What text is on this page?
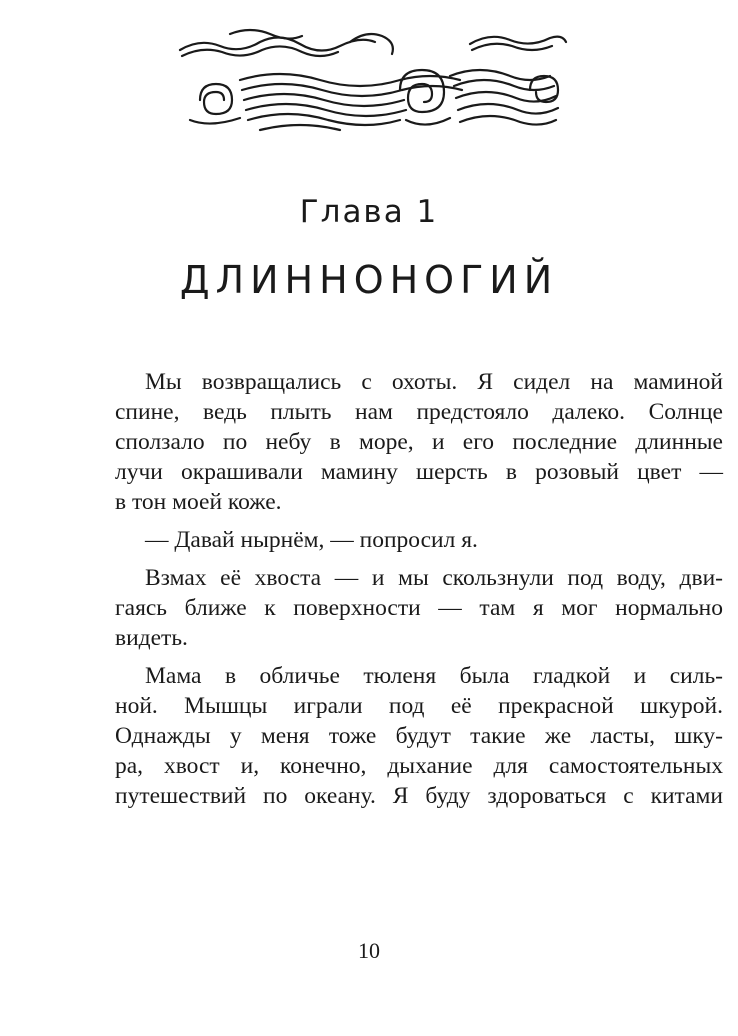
Глава 1
ДЛИННОНОГИЙ
Мы возвращались с охоты. Я сидел на маминой
спине, ведь плыть нам предстояло далеко. Солнце
сползало по небу в море, и его последние длинные
лучи окрашивали мамину шерсть в розовый цвет —
в тон моей коже.
— Давай нырнём, — попросил я.
Взмах её хвоста — и мы скользнули под воду, дви-
гаясь ближе к поверхности — там я мог нормально
видеть.
Мама в обличье тюленя была гладкой и силь-
ной. Мышцы играли под её прекрасной шкурой.
Однажды у меня тоже будут такие же ласты, шку-
ра, хвост и, конечно, дыхание для самостоятельных
путешествий по океану. Я буду здороваться с китами
10
